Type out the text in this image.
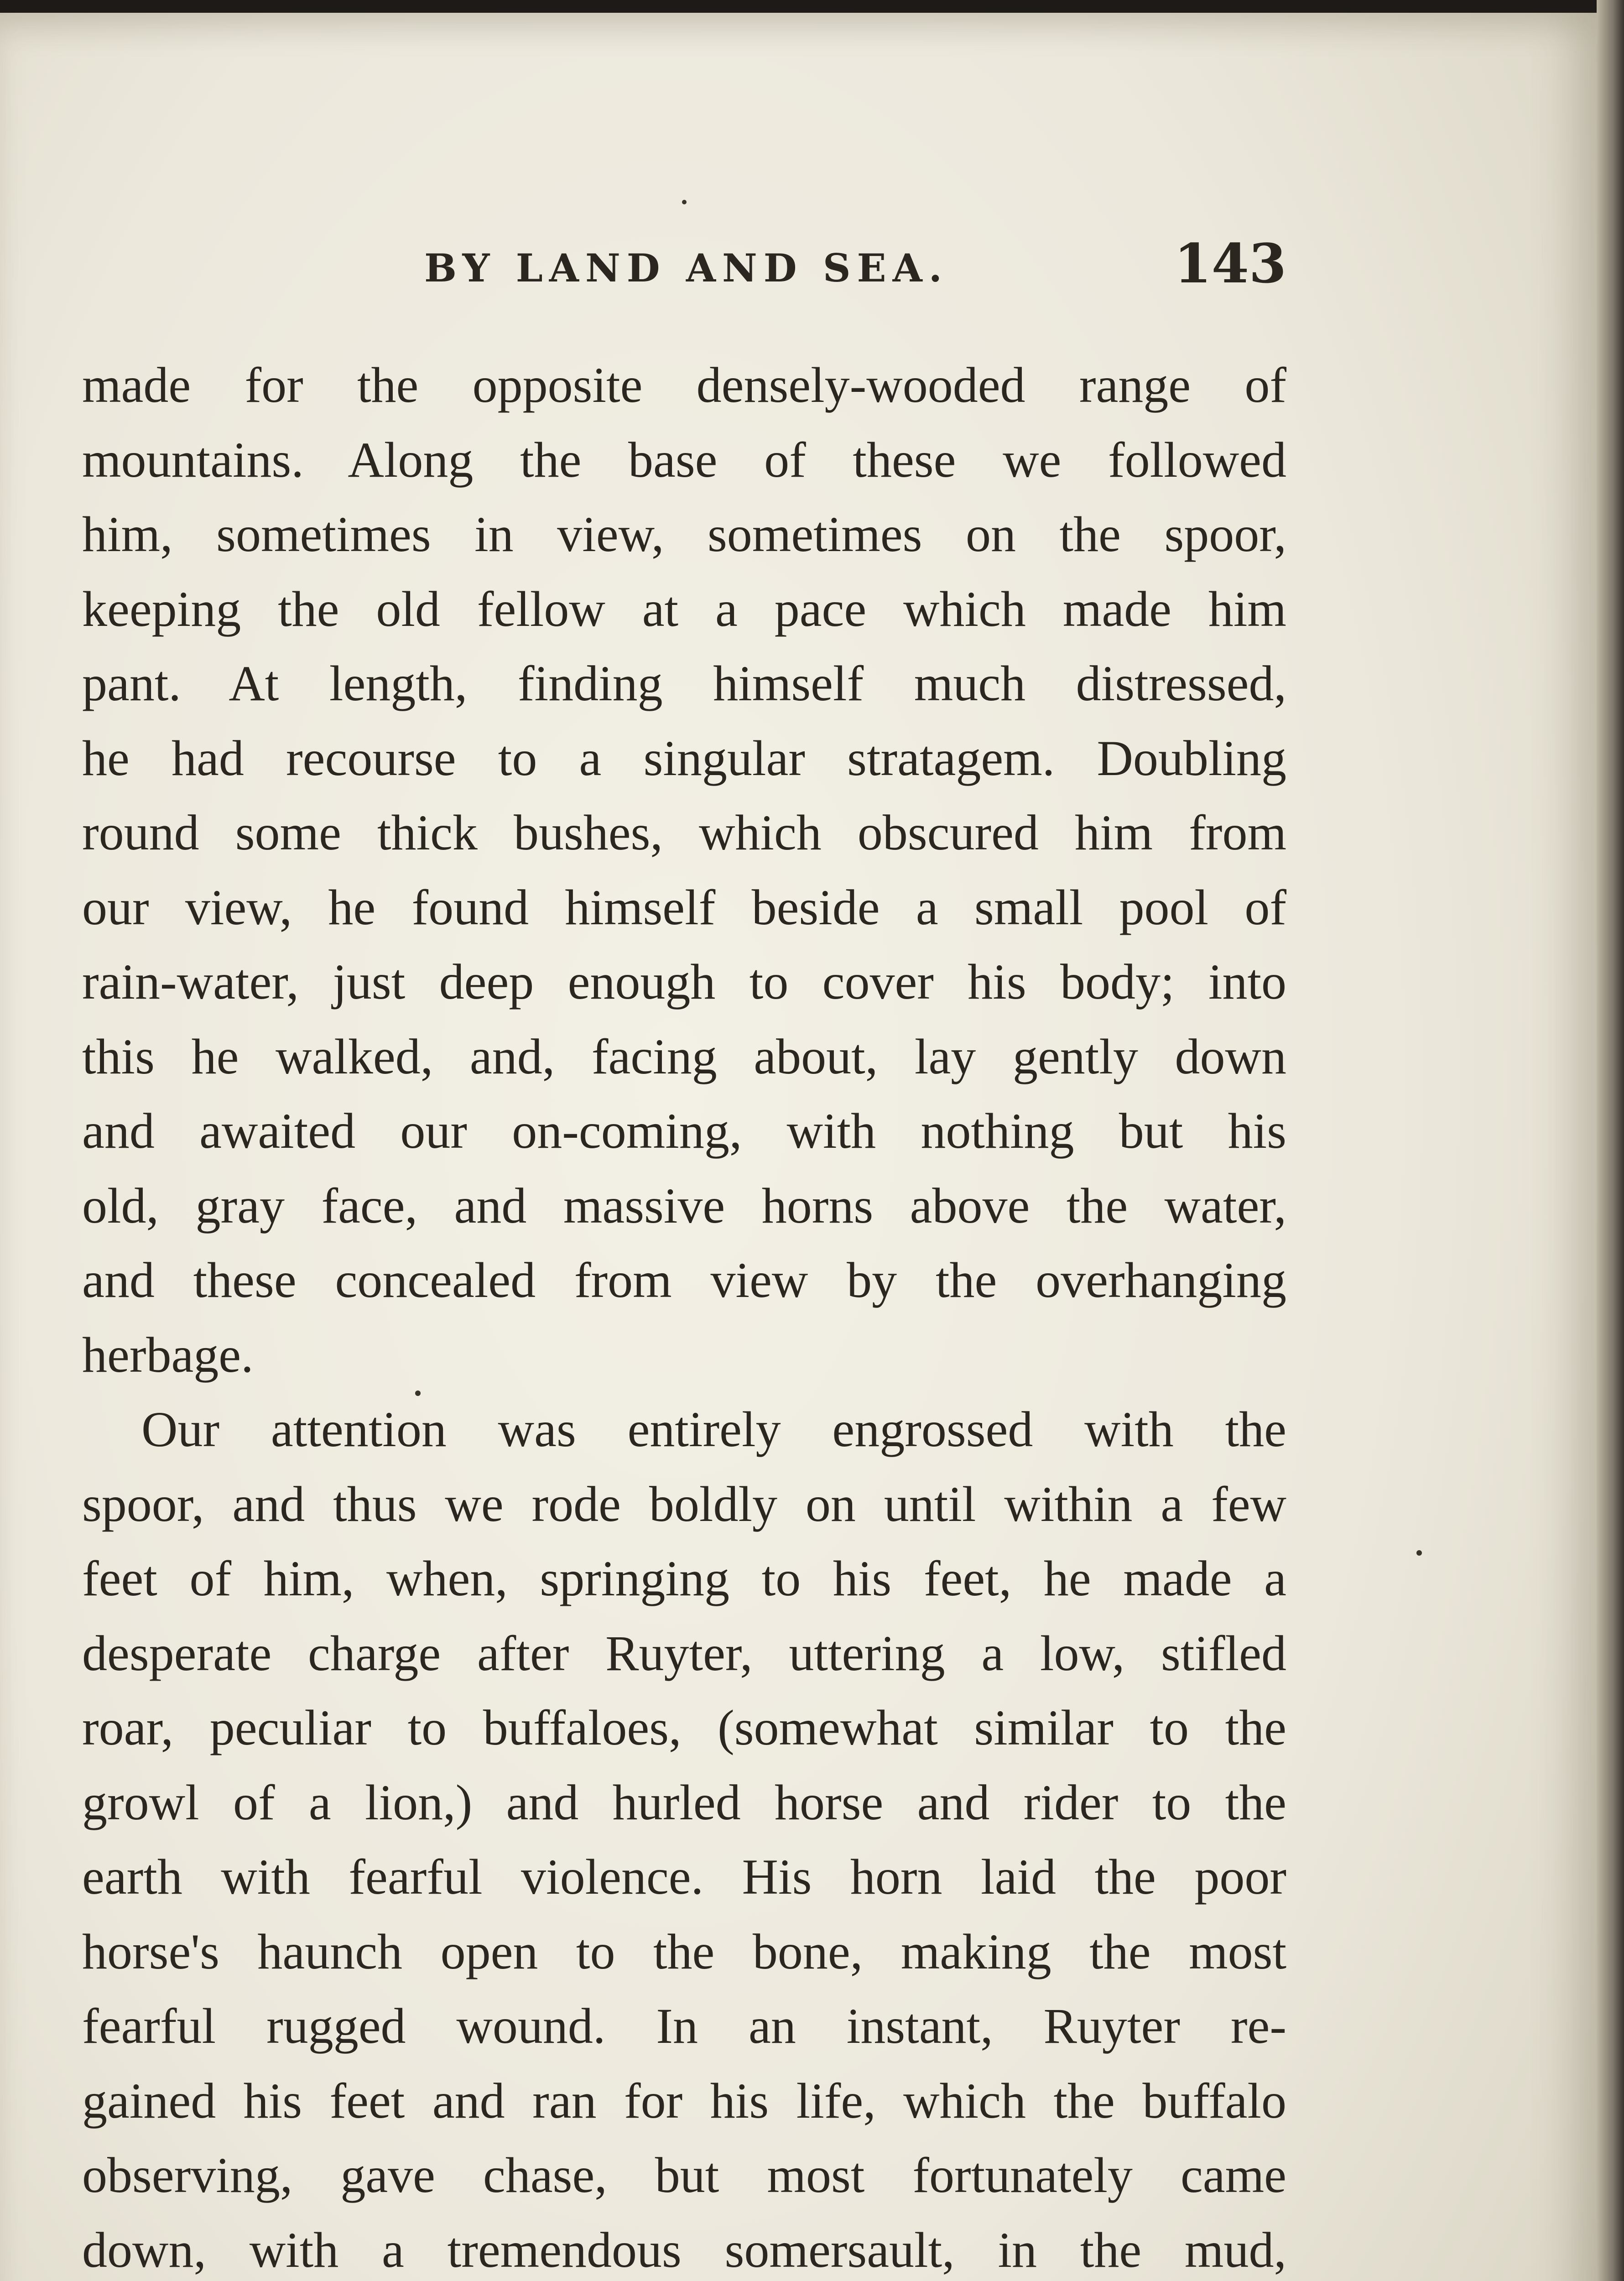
BY LAND AND SEA.	143
made for the opposite densely-wooded range of
mountains. Along the base of these we followed
him, sometimes in view, sometimes on the spoor,
keeping the old fellow at a pace which made him
pant. At length, finding himself much distressed,
he had recourse to a singular stratagem. Doubling
round some thick bushes, which obscured him from
our view, he found himself beside a small pool of
rain-water, just deep enough to cover his body; into
this he walked, and, facing about, lay gently down
and awaited our on-coming, with nothing but his
old, gray face, and massive horns above the water,
and these concealed from view by the overhanging
herbage.
Our attention was entirely engrossed with the
spoor, and thus we rode boldly on until within a few
feet of him, when, springing to his feet, he made a
desperate charge after Ruyter, uttering a low, stifled
roar, peculiar to buffaloes, (somewhat similar to the
growl of a lion,) and hurled horse and rider to the
earth with fearful violence. His horn laid the poor
horse's haunch open to the bone, making the most
fearful rugged wound. In an instant, Ruyter re-
gained his feet and ran for his life, which the buffalo
observing, gave chase, but most fortunately came
down, with a tremendous somersault, in the mud,
